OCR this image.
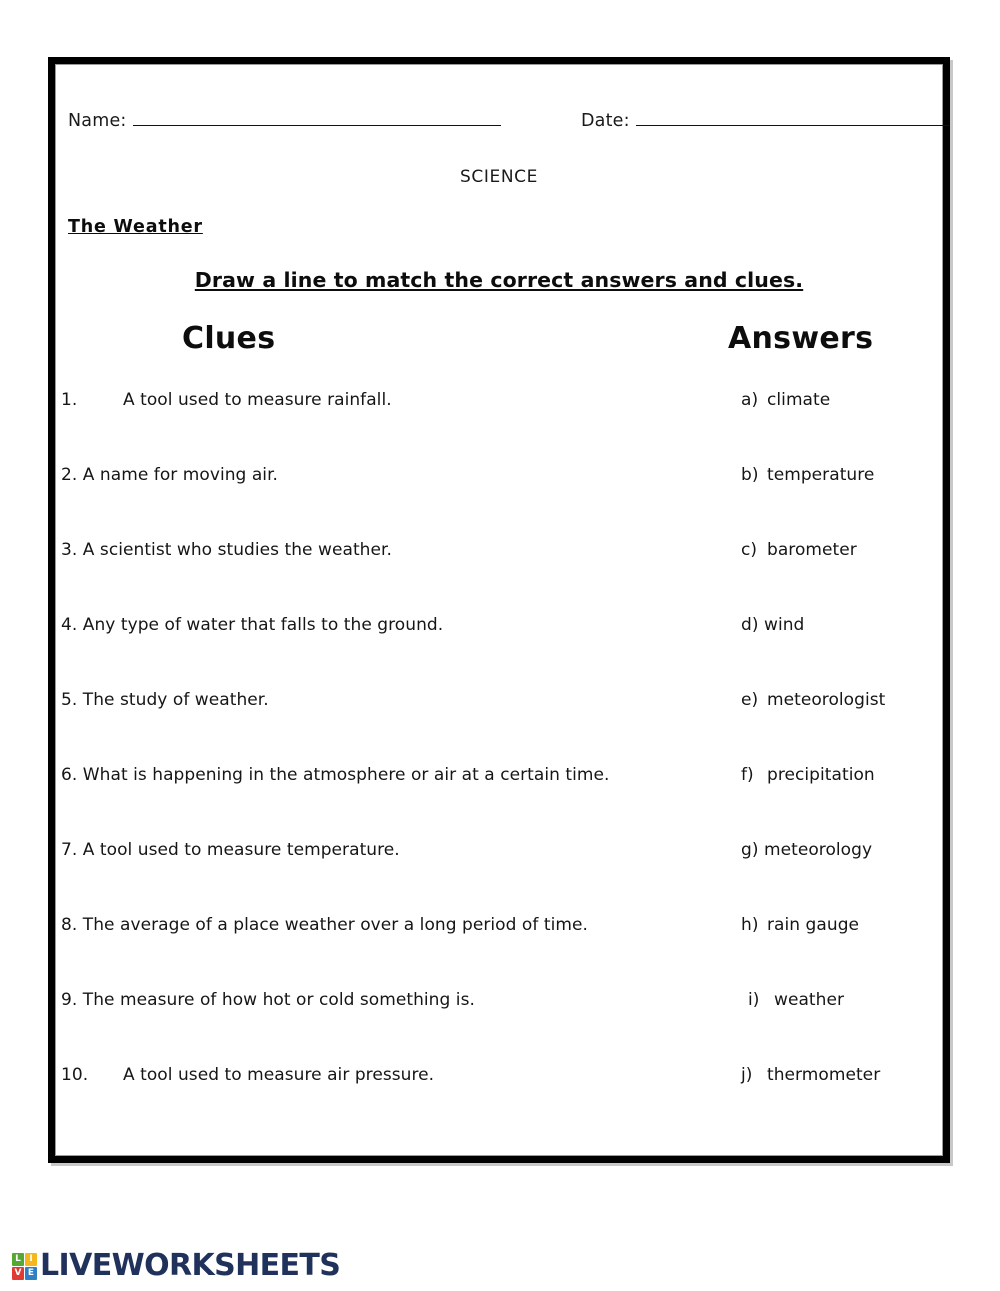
Name:	Date:
SCIENCE
The Weather
Draw a line to match the correct answers and clues.
Clues	Answers
1.	A tool used to measure rainfall.	a) climate
2. A name for moving air.	b) temperature
3. A scientist who studies the weather.	c) barometer
4. Any type of water that falls to the ground.	d) wind
5. The study of weather.	e) meteorologist
6. What is happening in the atmosphere or air at a certain time.	f) precipitation
7. A tool used to measure temperature.	g) meteorology
8. The average of a place weather over a long period of time.	h) rain gauge
9. The measure of how hot or cold something is.	i) weather
10. A tool used to measure air pressure.	j) thermometer
L I
V E LIVEWORKSHEETS
